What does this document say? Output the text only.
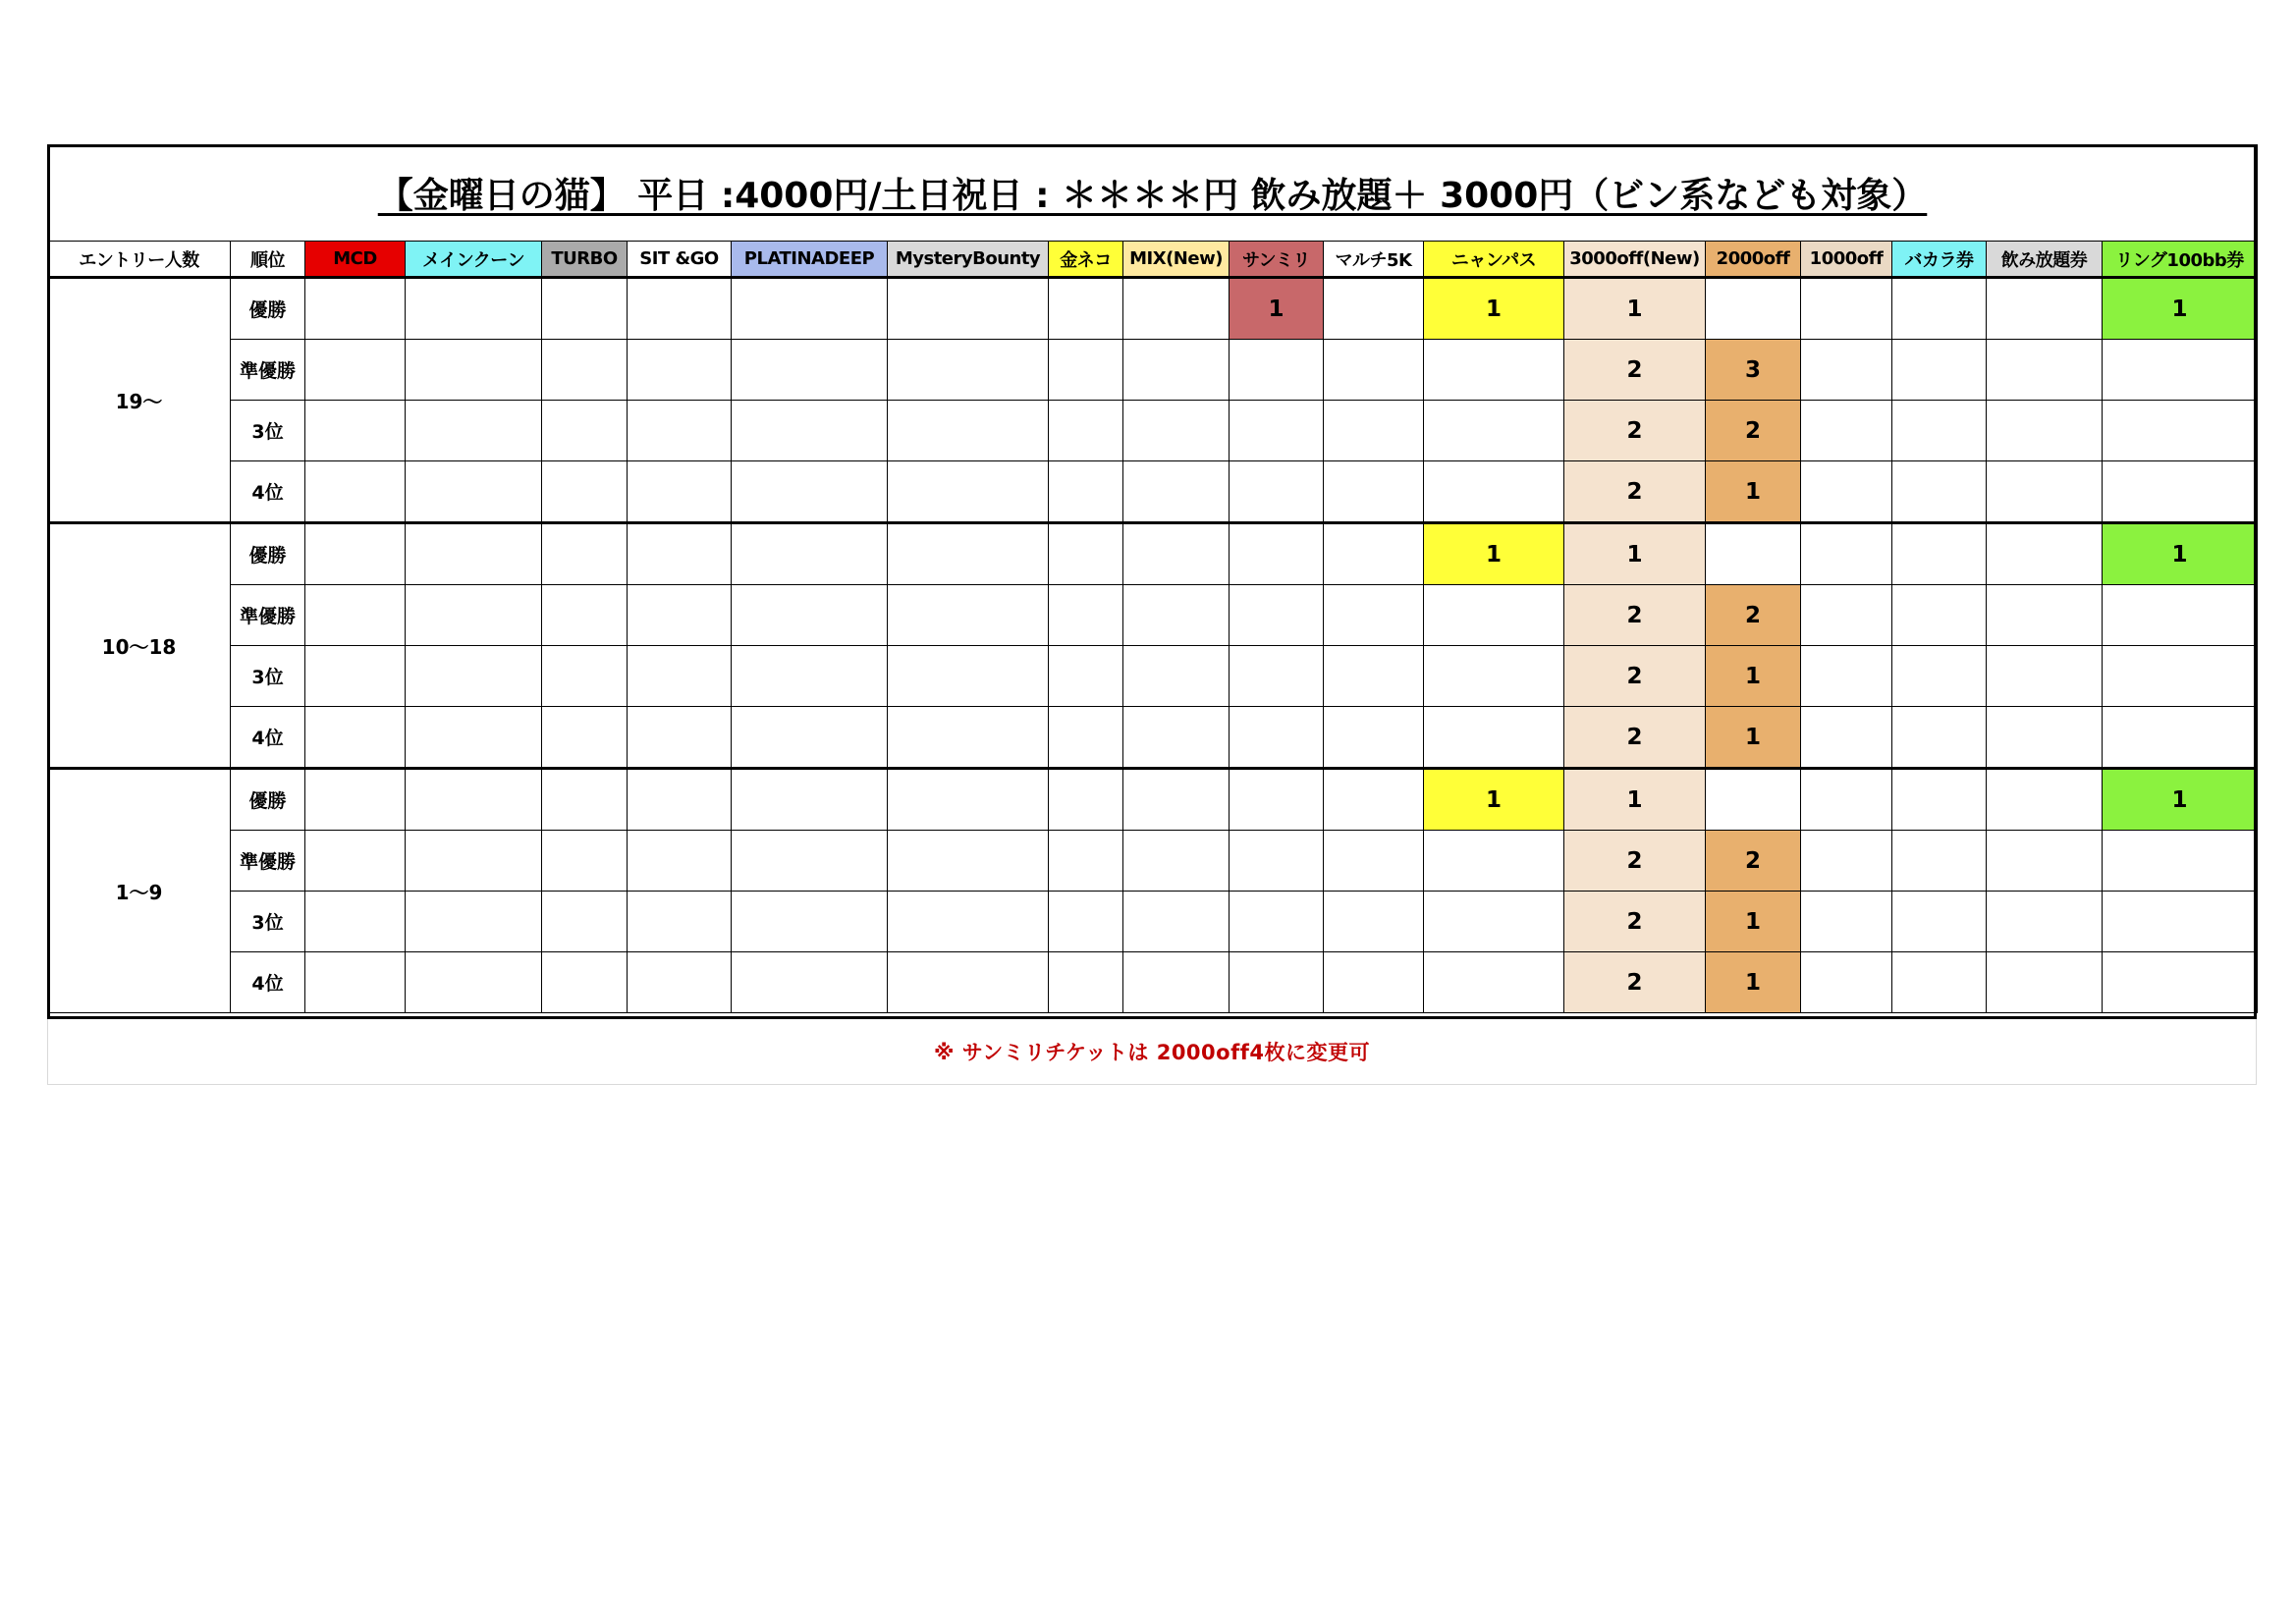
【金曜日の猫】 平日 :4000円/土日祝日 : ＊＊＊＊円 飲み放題＋ 3000円（ビン系なども対象）																		
エントリー人数	順位	MCD	メインクーン	TURBO	SIT &GO	PLATINADEEP	MysteryBounty	金ネコ	MIX(New)	サンミリ	マルチ5K	ニャンパス	3000off(New)	2000off	1000off	バカラ券	飲み放題券	リング100bb券
19〜	優勝									1		1	1					1
	準優勝												2	3				
	3位												2	2				
	4位												2	1				
10〜18	優勝											1	1					1
	準優勝												2	2				
	3位												2	1				
	4位												2	1				
1〜9	優勝											1	1					1
	準優勝												2	2				
	3位												2	1				
	4位												2	1				
※ サンミリチケットは 2000off4枚に変更可
